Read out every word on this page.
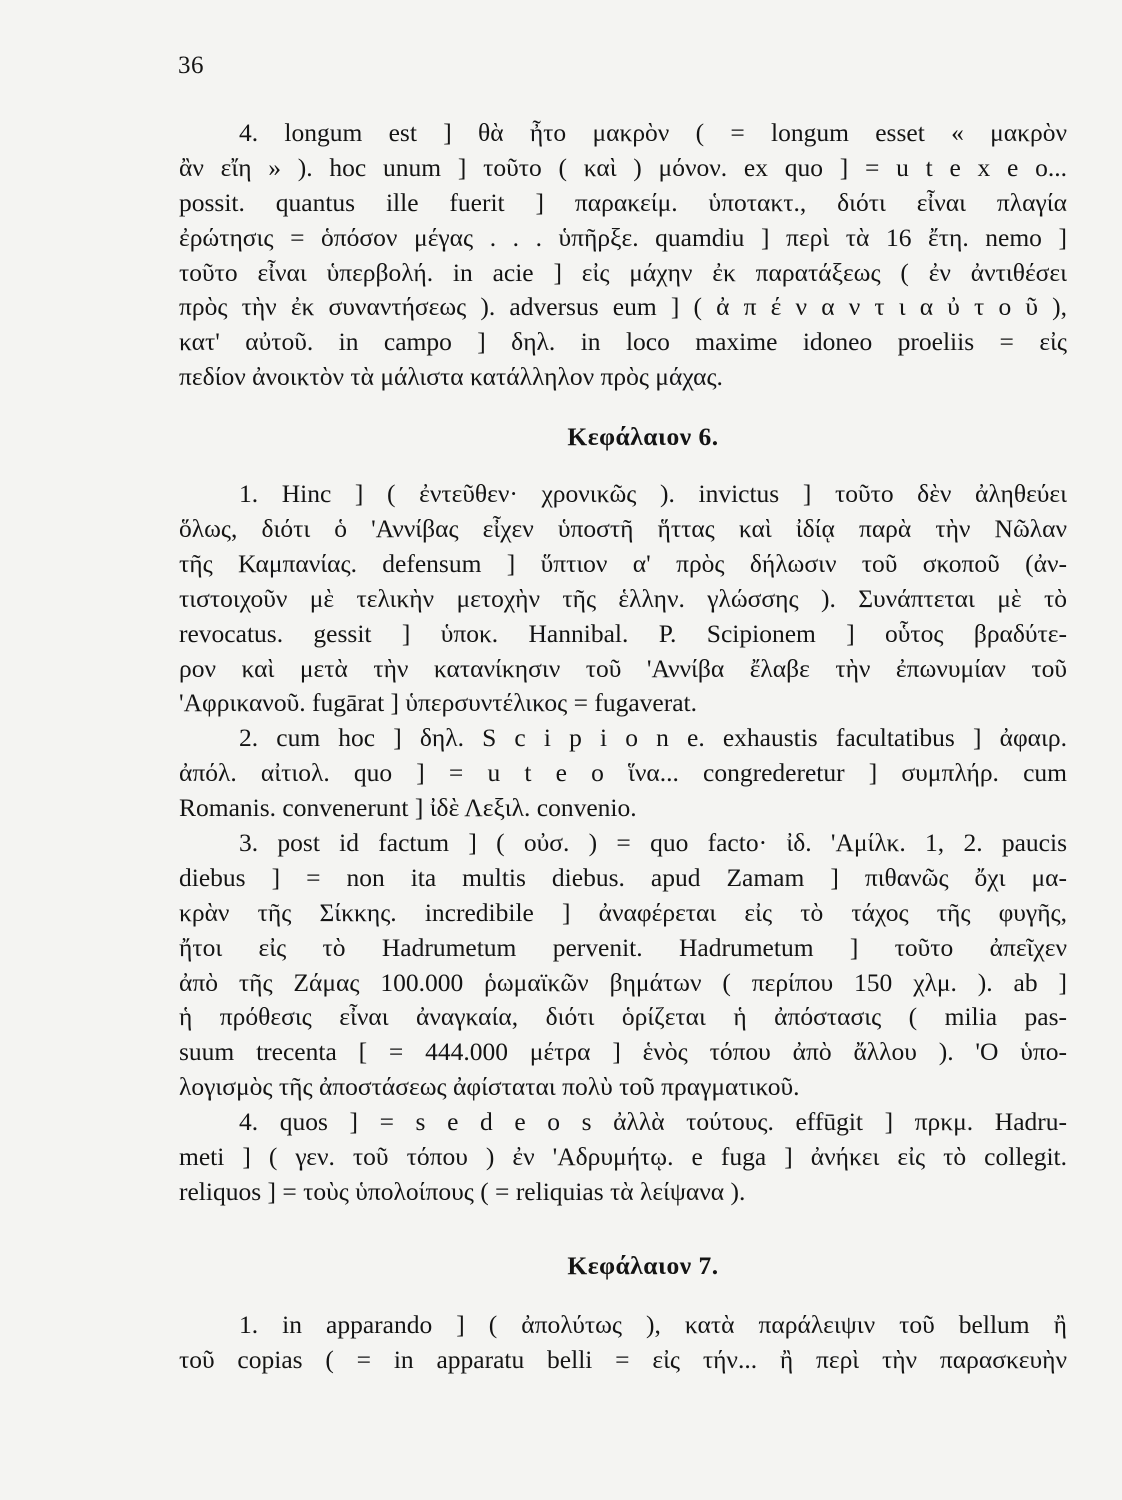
36
4. longum est ] θὰ ἦτο μακρὸν ( = longum esset « μακρὸν
ἂν εἴη » ). hoc unum ] τοῦτο ( καὶ ) μόνον. ex quo ] = u t e x e o...
possit. quantus ille fuerit ] παρακείμ. ὑποτακτ., διότι εἶναι πλαγία
ἐρώτησις = ὁπόσον μέγας . . . ὑπῆρξε. quamdiu ] περὶ τὰ 16 ἔτη. nemo ]
τοῦτο εἶναι ὑπερβολή. in acie ] εἰς μάχην ἐκ παρατάξεως ( ἐν ἀντιθέσει
πρὸς τὴν ἐκ συναντήσεως ). adversus eum ] ( ἀ π έ ν α ν τ ι α ὐ τ ο ῦ ),
κατ' αὐτοῦ. in campo ] δηλ. in loco maxime idoneo proeliis = εἰς
πεδίον ἀνοικτὸν τὰ μάλιστα κατάλληλον πρὸς μάχας.
Κεφάλαιον 6.
1. Hinc ] ( ἐντεῦθεν· χρονικῶς ). invictus ] τοῦτο δὲν ἀληθεύει
ὅλως, διότι ὁ 'Αννίβας εἶχεν ὑποστῆ ἥττας καὶ ἰδίᾳ παρὰ τὴν Νῶλαν
τῆς Καμπανίας. defensum ] ὕπτιον α' πρὸς δήλωσιν τοῦ σκοποῦ (ἀν-
τιστοιχοῦν μὲ τελικὴν μετοχὴν τῆς ἑλλην. γλώσσης ). Συνάπτεται μὲ τὸ
revocatus. gessit ] ὑποκ. Hannibal. P. Scipionem ] οὗτος βραδύτε-
ρον καὶ μετὰ τὴν κατανίκησιν τοῦ 'Αννίβα ἔλαβε τὴν ἐπωνυμίαν τοῦ
'Αφρικανοῦ. fugārat ] ὑπερσυντέλικος = fugaverat.
2. cum hoc ] δηλ. S c i p i o n e. exhaustis facultatibus ] ἀφαιρ.
ἀπόλ. αἰτιολ. quo ] = u t e o ἵνα... congrederetur ] συμπλήρ. cum
Romanis. convenerunt ] ἰδὲ Λεξιλ. convenio.
3. post id factum ] ( οὐσ. ) = quo facto· ἰδ. 'Αμίλκ. 1, 2. paucis
diebus ] = non ita multis diebus. apud Zamam ] πιθανῶς ὄχι μα-
κρὰν τῆς Σίκκης. incredibile ] ἀναφέρεται εἰς τὸ τάχος τῆς φυγῆς,
ἤτοι εἰς τὸ Hadrumetum pervenit. Hadrumetum ] τοῦτο ἀπεῖχεν
ἀπὸ τῆς Ζάμας 100.000 ῥωμαϊκῶν βημάτων ( περίπου 150 χλμ. ). ab ]
ἡ πρόθεσις εἶναι ἀναγκαία, διότι ὁρίζεται ἡ ἀπόστασις ( milia pas-
suum trecenta [ = 444.000 μέτρα ] ἑνὸς τόπου ἀπὸ ἄλλου ). 'Ο ὑπο-
λογισμὸς τῆς ἀποστάσεως ἀφίσταται πολὺ τοῦ πραγματικοῦ.
4. quos ] = s e d e o s ἀλλὰ τούτους. effūgit ] πρκμ. Hadru-
meti ] ( γεν. τοῦ τόπου ) ἐν 'Αδρυμήτῳ. e fuga ] ἀνήκει εἰς τὸ collegit.
reliquos ] = τοὺς ὑπολοίπους ( = reliquias τὰ λείψανα ).
Κεφάλαιον 7.
1. in apparando ] ( ἀπολύτως ), κατὰ παράλειψιν τοῦ bellum ἢ
τοῦ copias ( = in apparatu belli = εἰς τήν... ἢ περὶ τὴν παρασκευὴν
